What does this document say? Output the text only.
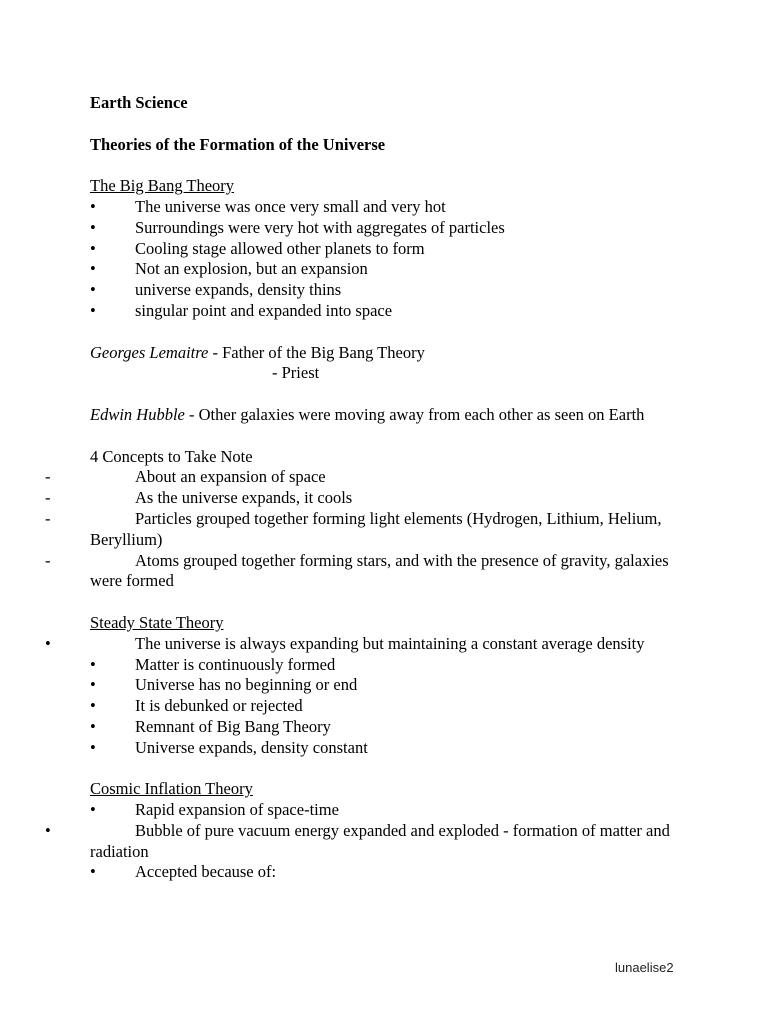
Earth Science

Theories of the Formation of the Universe

The Big Bang Theory
•	The universe was once very small and very hot
•	Surroundings were very hot with aggregates of particles
•	Cooling stage allowed other planets to form
•	Not an explosion, but an expansion
•	universe expands, density thins
•	singular point and expanded into space
Georges Lemaitre - Father of the Big Bang Theory
- Priest
Edwin Hubble - Other galaxies were moving away from each other as seen on Earth
4 Concepts to Take Note
-	About an expansion of space
-	As the universe expands, it cools
-	Particles grouped together forming light elements (Hydrogen, Lithium, Helium, Beryllium)
-	Atoms grouped together forming stars, and with the presence of gravity, galaxies were formed
Steady State Theory
•	The universe is always expanding but maintaining a constant average density
•	Matter is continuously formed
•	Universe has no beginning or end
•	It is debunked or rejected
•	Remnant of Big Bang Theory
•	Universe expands, density constant
Cosmic Inflation Theory
•	Rapid expansion of space-time
•	Bubble of pure vacuum energy expanded and exploded - formation of matter and radiation
•	Accepted because of:
lunaelise2
